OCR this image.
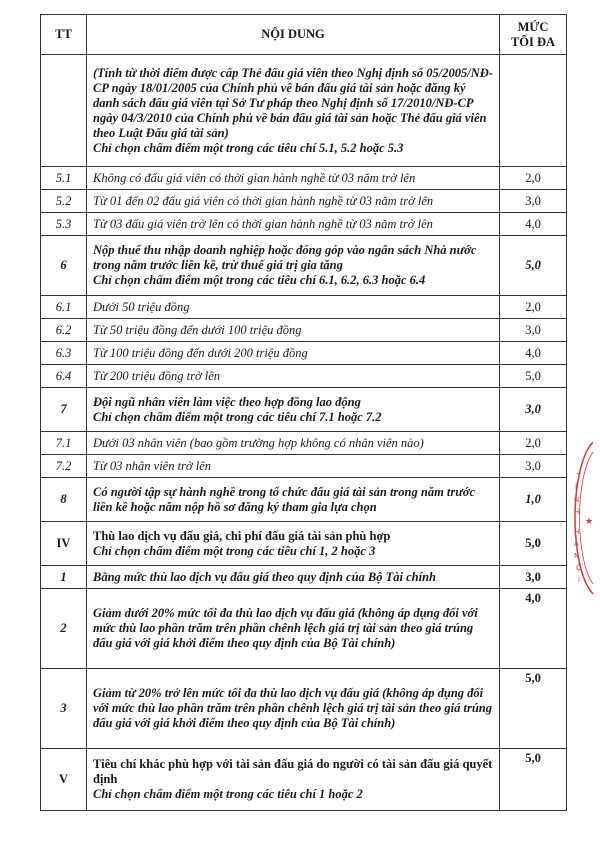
TT	NỘI DUNG	MỨC
TỐI ĐA

	(Tính từ thời điểm được cấp Thẻ đấu giá viên theo Nghị định số 05/2005/NĐ-CP ngày 18/01/2005 của Chính phủ về bán đấu giá tài sản hoặc đăng ký danh sách đấu giá viên tại Sở Tư pháp theo Nghị định số 17/2010/NĐ-CP ngày 04/3/2010 của Chính phủ về bán đấu giá tài sản hoặc Thẻ đấu giá viên theo Luật Đấu giá tài sản)
Chỉ chọn chấm điểm một trong các tiêu chí 5.1, 5.2 hoặc 5.3	

5.1	Không có đấu giá viên có thời gian hành nghề từ 03 năm trở lên	2,0
5.2	Từ 01 đến 02 đấu giá viên có thời gian hành nghề từ 03 năm trở lên	3,0
5.3	Từ 03 đấu giá viên trở lên có thời gian hành nghề từ 03 năm trở lên	4,0
6	Nộp thuế thu nhập doanh nghiệp hoặc đóng góp vào ngân sách Nhà nước trong năm trước liền kề, trừ thuế giá trị gia tăng
Chỉ chọn chấm điểm một trong các tiêu chí 6.1, 6.2, 6.3 hoặc 6.4	5,0
6.1	Dưới 50 triệu đồng	2,0
6.2	Từ 50 triệu đồng đến dưới 100 triệu đồng	3,0
6.3	Từ 100 triệu đồng đến dưới 200 triệu đồng	4,0
6.4	Từ 200 triệu đồng trở lên	5,0
7	Đội ngũ nhân viên làm việc theo hợp đồng lao động
Chỉ chọn chấm điểm một trong các tiêu chí 7.1 hoặc 7.2	3,0
7.1	Dưới 03 nhân viên (bao gồm trường hợp không có nhân viên nào)	2,0
7.2	Từ 03 nhân viên trở lên	3,0
8	Có người tập sự hành nghề trong tổ chức đấu giá tài sản trong năm trước liền kề hoặc năm nộp hồ sơ đăng ký tham gia lựa chọn	1,0
IV	Thù lao dịch vụ đấu giá, chi phí đấu giá tài sản phù hợp
Chỉ chọn chấm điểm một trong các tiêu chí 1, 2 hoặc 3	5,0
1	Bằng mức thù lao dịch vụ đấu giá theo quy định của Bộ Tài chính	3,0
2	Giảm dưới 20% mức tối đa thù lao dịch vụ đấu giá (không áp dụng đối với mức thù lao phần trăm trên phần chênh lệch giá trị tài sản theo giá trúng đấu giá với giá khởi điểm theo quy định của Bộ Tài chính)	4,0
3	Giảm từ 20% trở lên mức tối đa thù lao dịch vụ đấu giá (không áp dụng đối với mức thù lao phần trăm trên phần chênh lệch giá trị tài sản theo giá trúng đấu giá với giá khởi điểm theo quy định của Bộ Tài chính)	5,0
V	Tiêu chí khác phù hợp với tài sản đấu giá do người có tài sản đấu giá quyết định
Chỉ chọn chấm điểm một trong các tiêu chí 1 hoặc 2	5,0
T
Ỉ
N
H
H
À
N
Ộ
I
★
